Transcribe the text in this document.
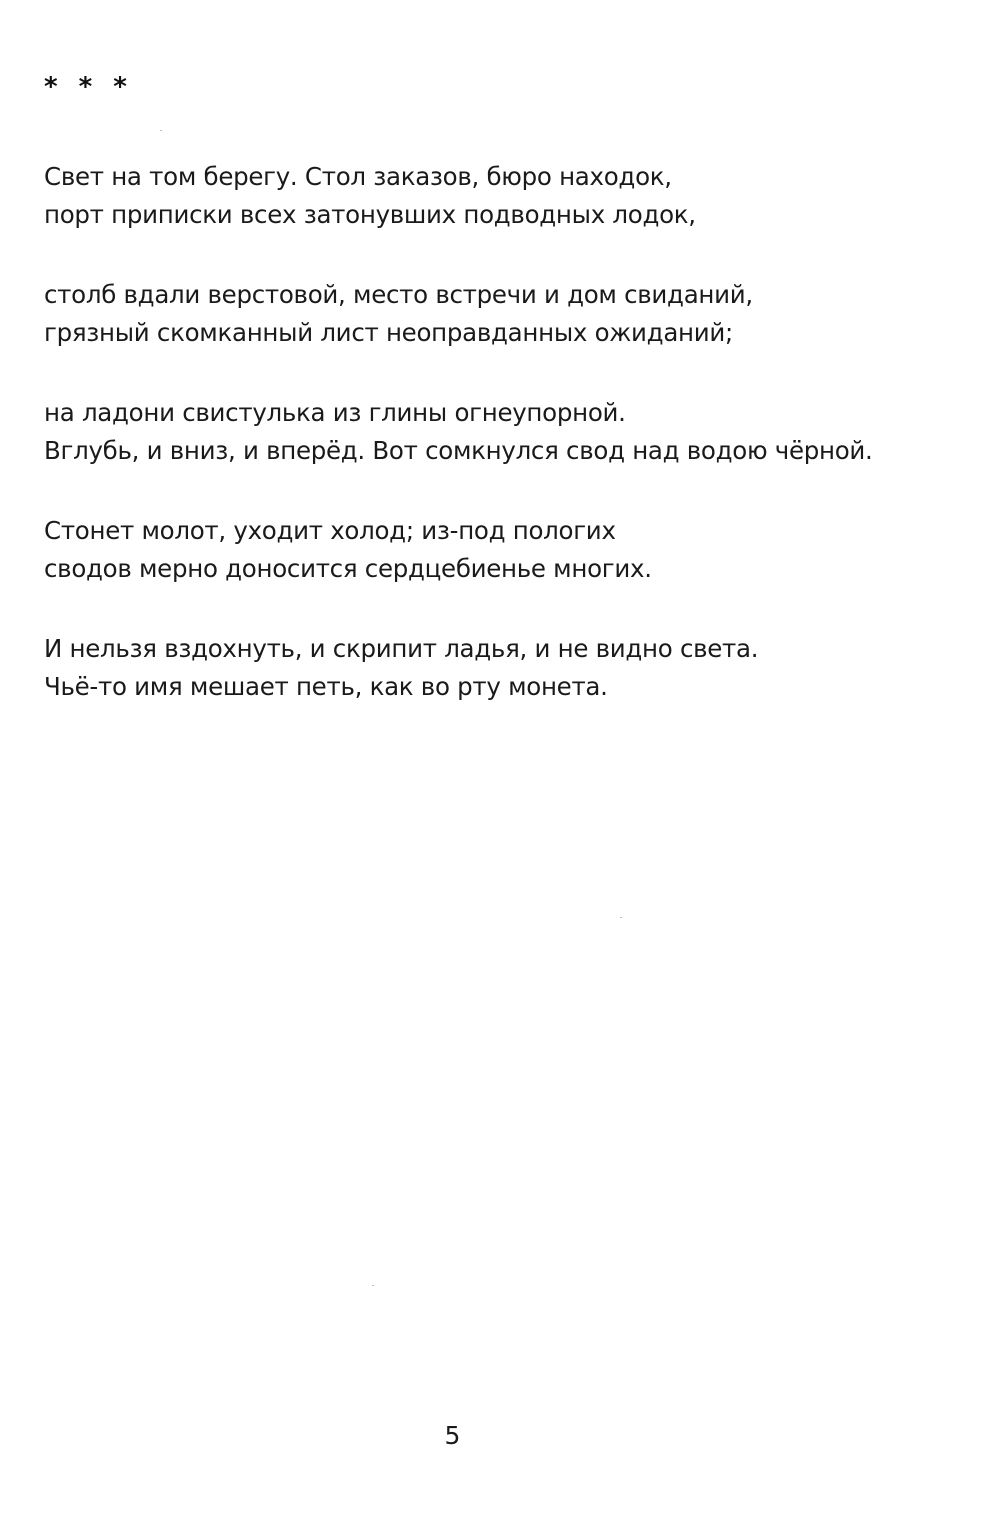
* * *
Свет на том берегу. Стол заказов, бюро находок,
порт приписки всех затонувших подводных лодок,
столб вдали верстовой, место встречи и дом свиданий,
грязный скомканный лист неоправданных ожиданий;
на ладони свистулька из глины огнеупорной.
Вглубь, и вниз, и вперёд. Вот сомкнулся свод над водою чёрной.
Стонет молот, уходит холод; из-под пологих
сводов мерно доносится сердцебиенье многих.
И нельзя вздохнуть, и скрипит ладья, и не видно света.
Чьё-то имя мешает петь, как во рту монета.
5
